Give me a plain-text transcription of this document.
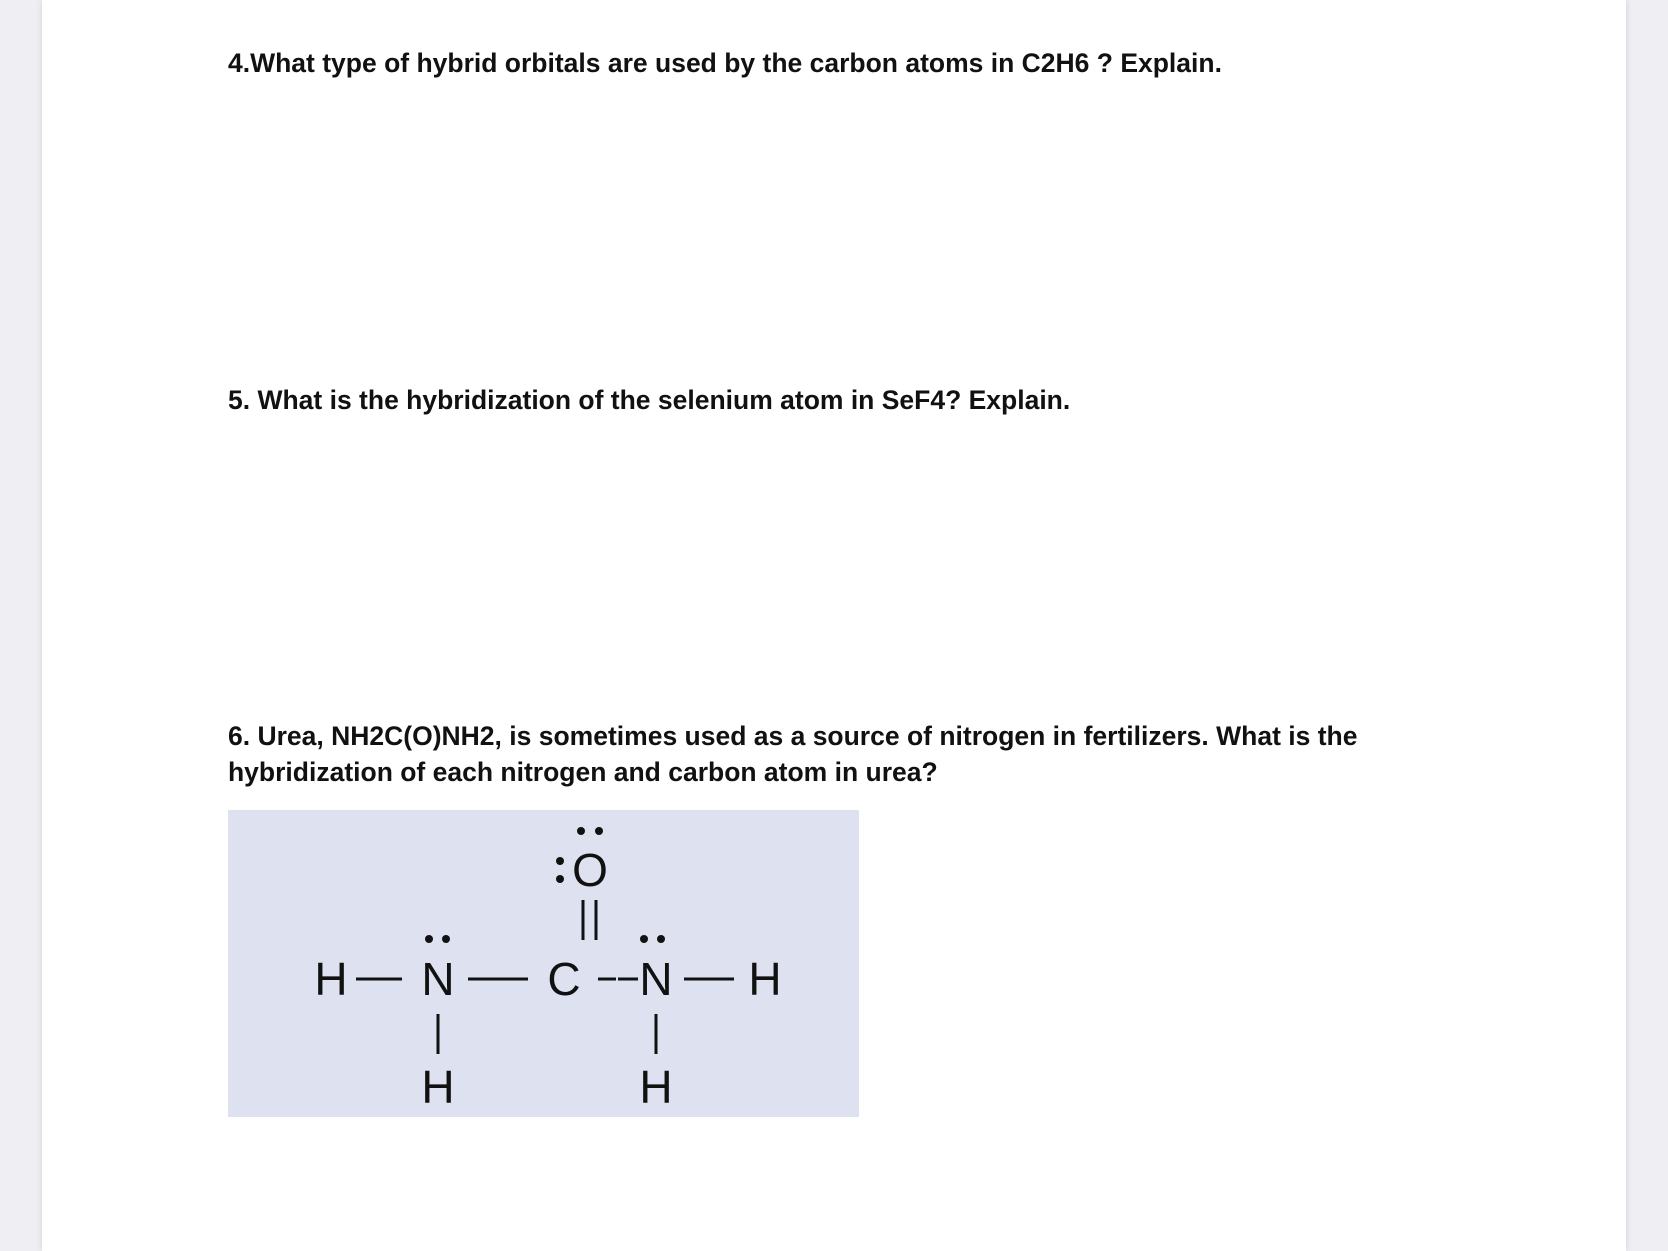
4.What type of hybrid orbitals are used by the carbon atoms in C2H6 ? Explain.

5. What is the hybridization of the selenium atom in SeF4? Explain.

6. Urea, NH2C(O)NH2, is sometimes used as a source of nitrogen in fertilizers. What is the hybridization of each nitrogen and carbon atom in urea?

O
H N C N H
H	H
